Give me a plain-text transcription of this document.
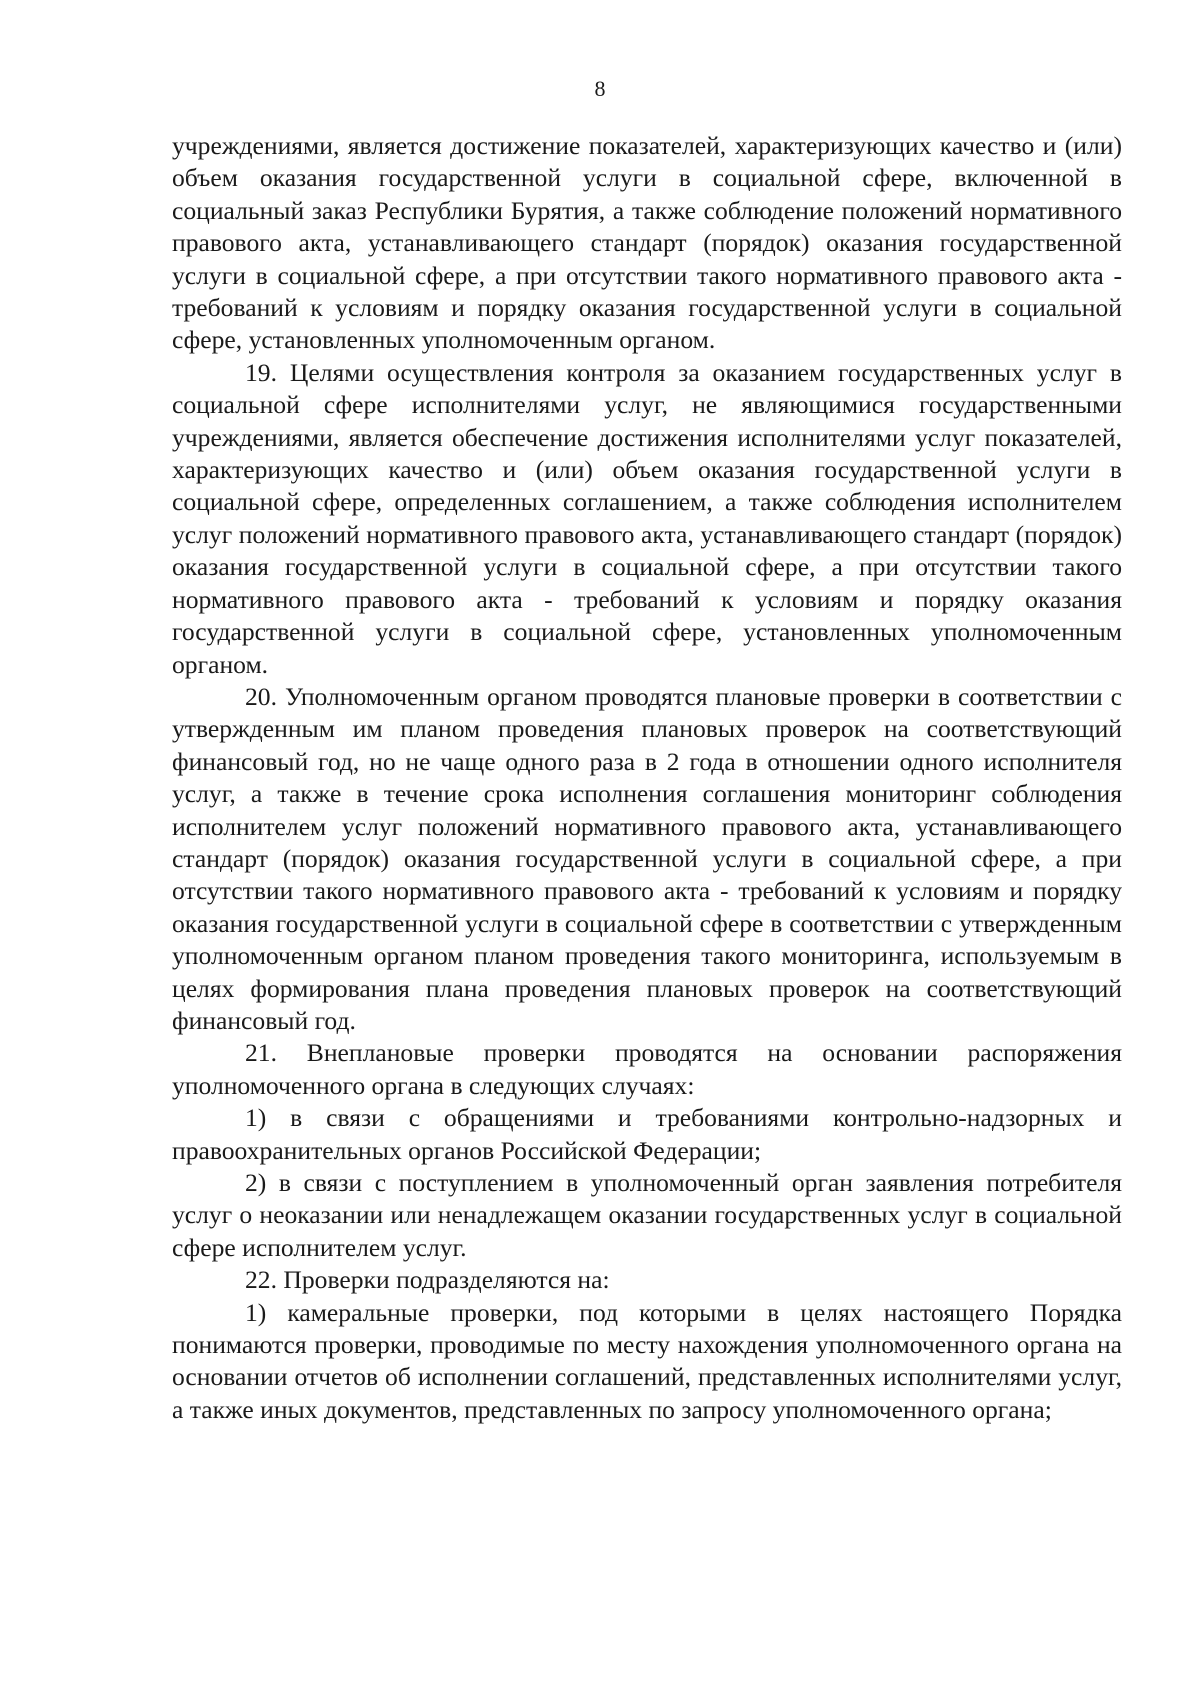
8

учреждениями, является достижение показателей, характеризующих качество и (или) объем оказания государственной услуги в социальной сфере, включенной в социальный заказ Республики Бурятия, а также соблюдение положений нормативного правового акта, устанавливающего стандарт (порядок) оказания государственной услуги в социальной сфере, а при отсутствии такого нормативного правового акта - требований к условиям и порядку оказания государственной услуги в социальной сфере, установленных уполномоченным органом.

19. Целями осуществления контроля за оказанием государственных услуг в социальной сфере исполнителями услуг, не являющимися государственными учреждениями, является обеспечение достижения исполнителями услуг показателей, характеризующих качество и (или) объем оказания государственной услуги в социальной сфере, определенных соглашением, а также соблюдения исполнителем услуг положений нормативного правового акта, устанавливающего стандарт (порядок) оказания государственной услуги в социальной сфере, а при отсутствии такого нормативного правового акта - требований к условиям и порядку оказания государственной услуги в социальной сфере, установленных уполномоченным органом.

20. Уполномоченным органом проводятся плановые проверки в соответствии с утвержденным им планом проведения плановых проверок на соответствующий финансовый год, но не чаще одного раза в 2 года в отношении одного исполнителя услуг, а также в течение срока исполнения соглашения мониторинг соблюдения исполнителем услуг положений нормативного правового акта, устанавливающего стандарт (порядок) оказания государственной услуги в социальной сфере, а при отсутствии такого нормативного правового акта - требований к условиям и порядку оказания государственной услуги в социальной сфере в соответствии с утвержденным уполномоченным органом планом проведения такого мониторинга, используемым в целях формирования плана проведения плановых проверок на соответствующий финансовый год.

21. Внеплановые проверки проводятся на основании распоряжения уполномоченного органа в следующих случаях:

1) в связи с обращениями и требованиями контрольно-надзорных и правоохранительных органов Российской Федерации;

2) в связи с поступлением в уполномоченный орган заявления потребителя услуг о неоказании или ненадлежащем оказании государственных услуг в социальной сфере исполнителем услуг.

22. Проверки подразделяются на:

1) камеральные проверки, под которыми в целях настоящего Порядка понимаются проверки, проводимые по месту нахождения уполномоченного органа на основании отчетов об исполнении соглашений, представленных исполнителями услуг, а также иных документов, представленных по запросу уполномоченного органа;
